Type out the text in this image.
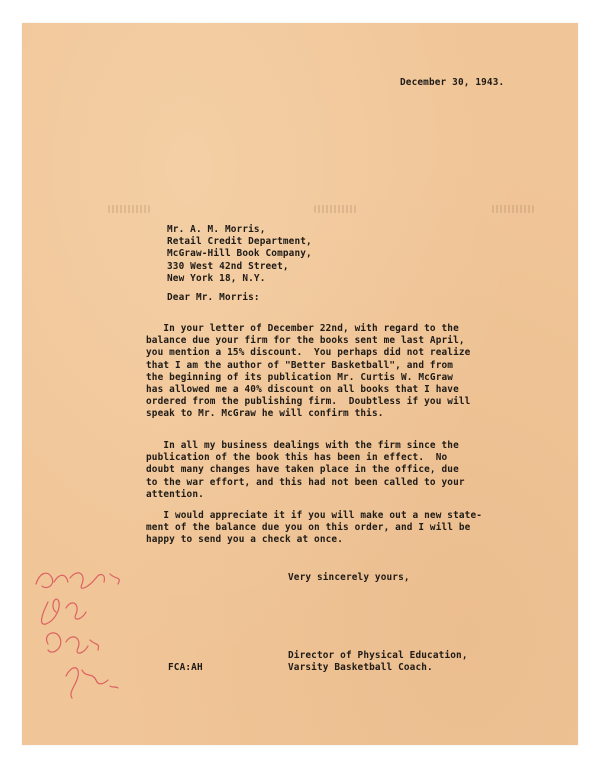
December 30, 1943.

Mr. A. M. Morris,
Retail Credit Department,
McGraw-Hill Book Company,
330 West 42nd Street,
New York 18, N.Y.

Dear Mr. Morris:

In your letter of December 22nd, with regard to the
balance due your firm for the books sent me last April,
you mention a 15% discount.  You perhaps did not realize
that I am the author of "Better Basketball", and from
the beginning of its publication Mr. Curtis W. McGraw
has allowed me a 40% discount on all books that I have
ordered from the publishing firm.  Doubtless if you will
speak to Mr. McGraw he will confirm this.
In all my business dealings with the firm since the
publication of the book this has been in effect.  No
doubt many changes have taken place in the office, due
to the war effort, and this had not been called to your
attention.
I would appreciate it if you will make out a new state-
ment of the balance due you on this order, and I will be
happy to send you a check at once.

Very sincerely yours,

Director of Physical Education,
Varsity Basketball Coach.

FCA:AH
